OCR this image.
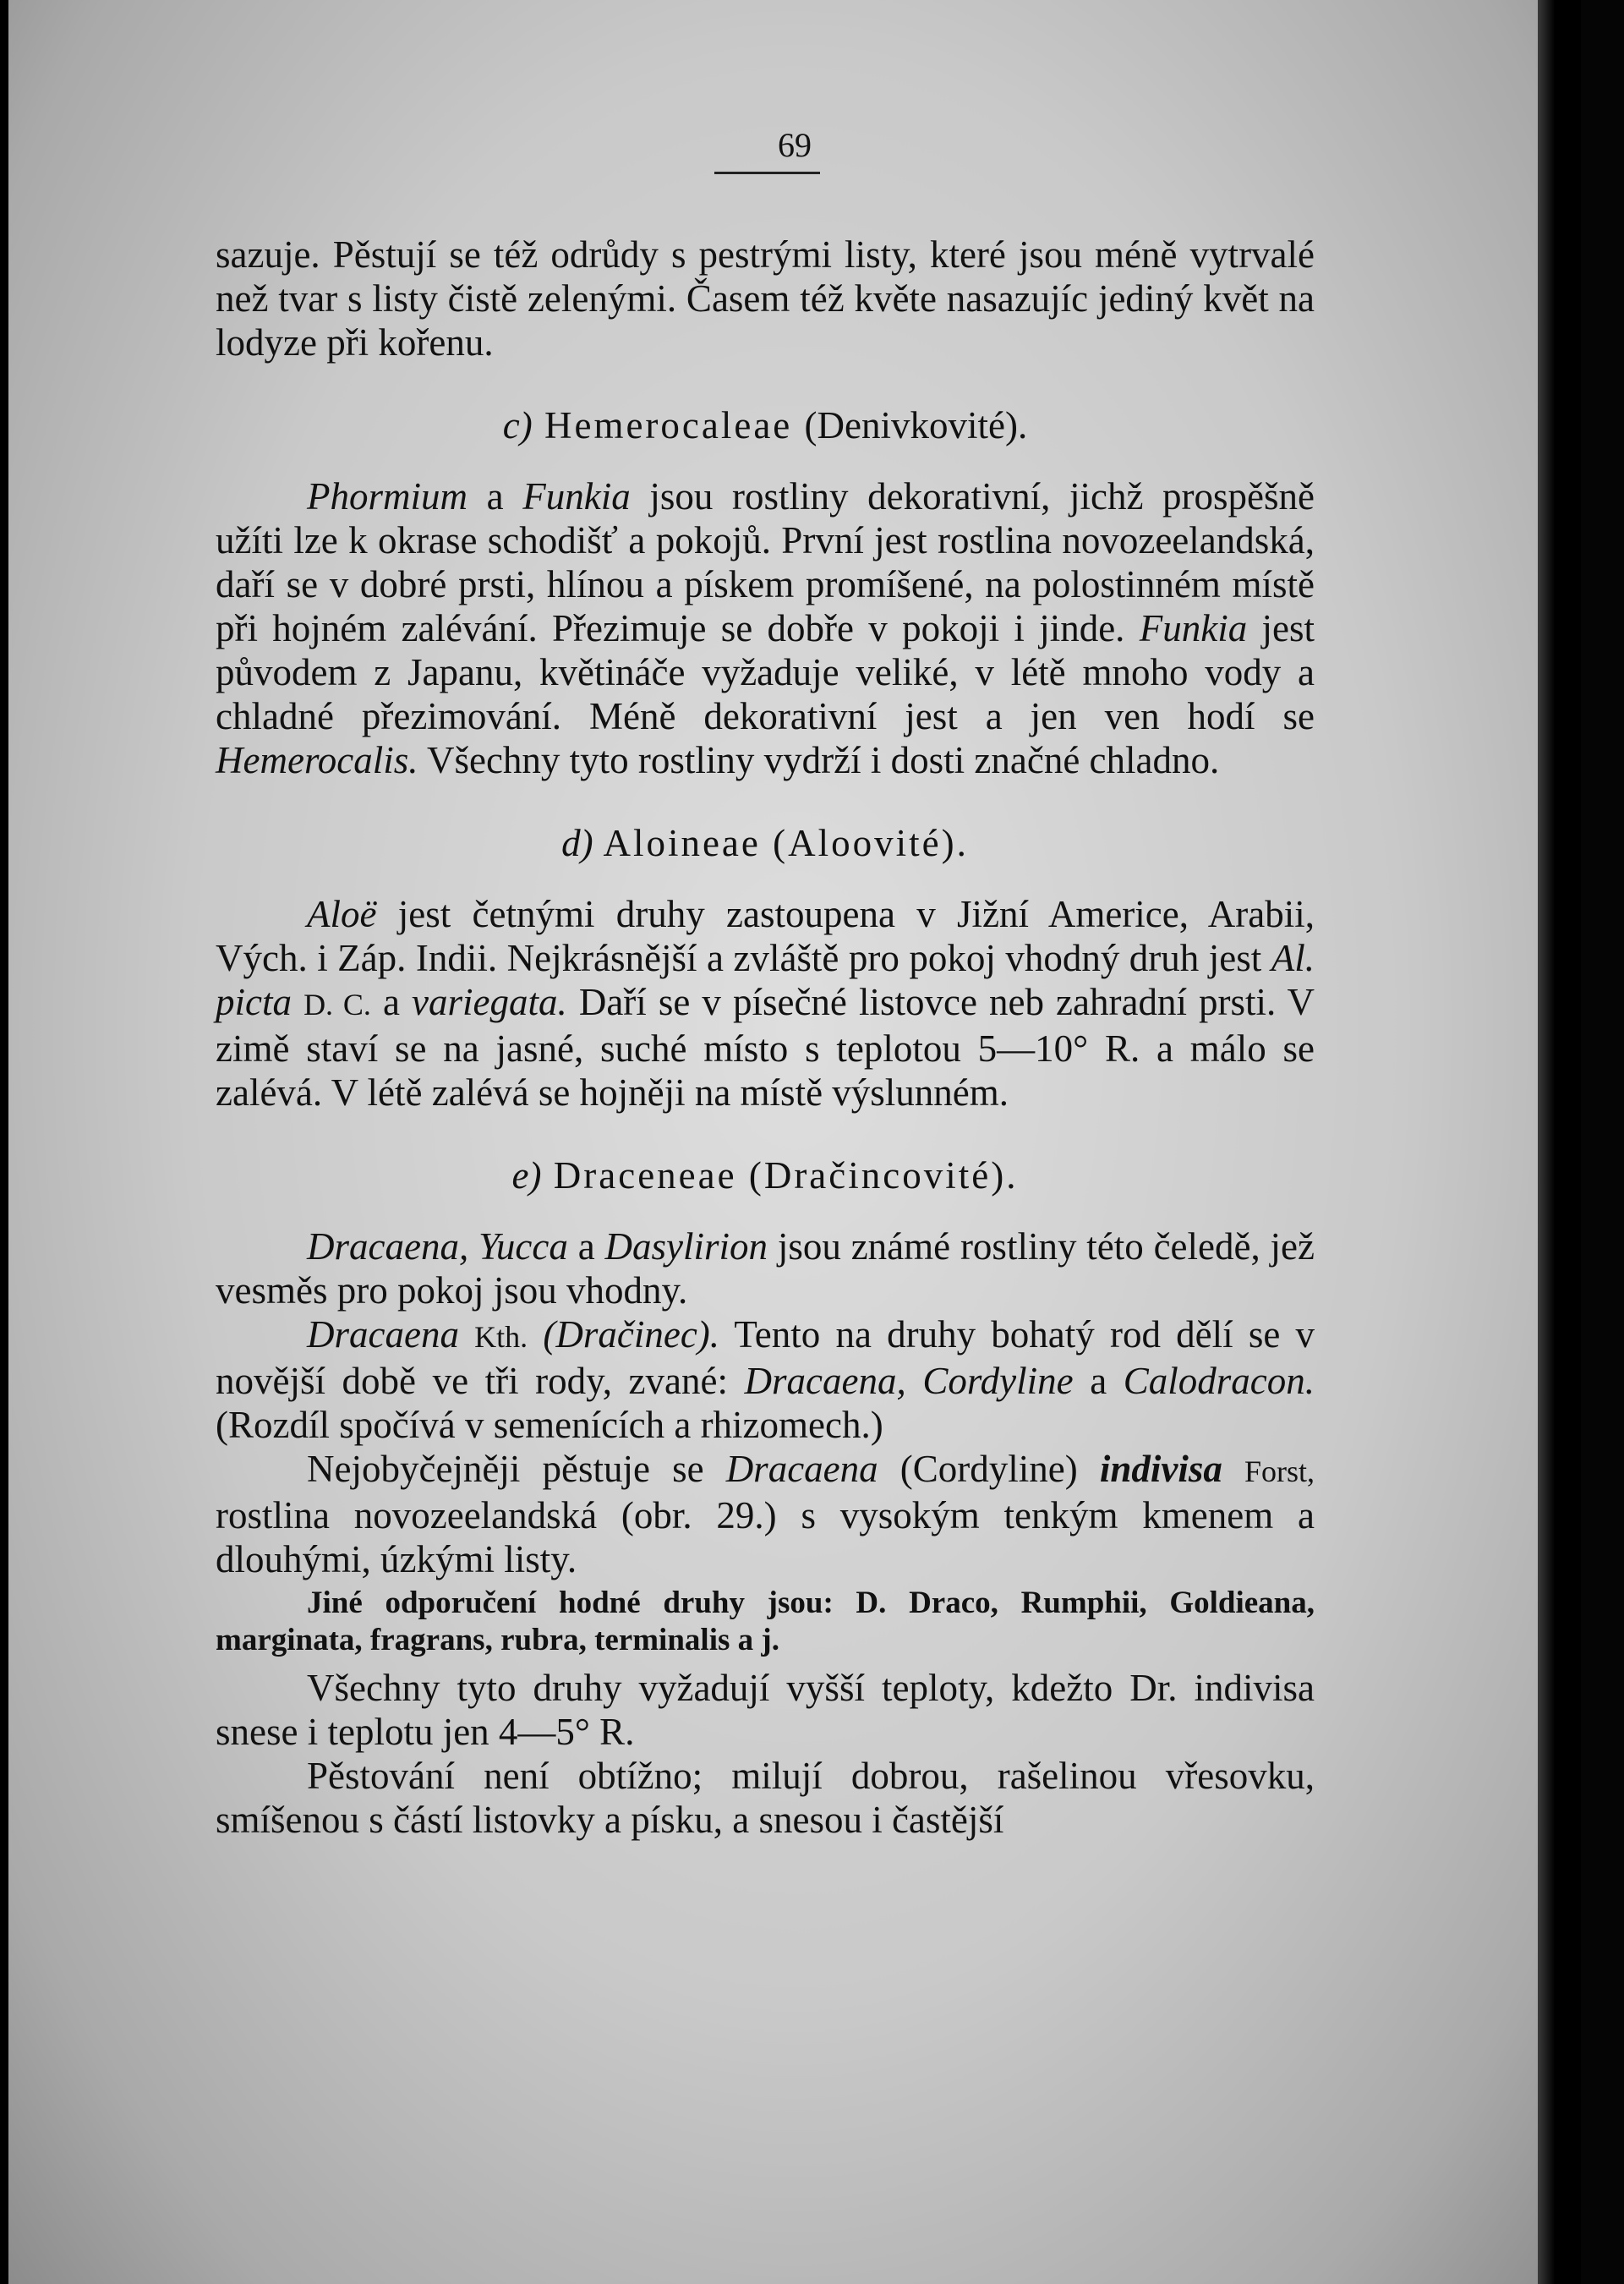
69

sazuje. Pěstují se též odrůdy s pestrými listy, které jsou méně vytrvalé než tvar s listy čistě zelenými. Časem též květe nasazujíc jediný květ na lodyze při kořenu.

c) Hemerocaleae (Denivkovité).

Phormium a Funkia jsou rostliny dekorativní, jichž prospěšně užíti lze k okrase schodišť a pokojů. První jest rostlina novozeelandská, daří se v dobré prsti, hlínou a pískem promíšené, na polostinném místě při hojném zalévání. Přezimuje se dobře v pokoji i jinde. Funkia jest původem z Japanu, květináče vyžaduje veliké, v létě mnoho vody a chladné přezimování. Méně dekorativní jest a jen ven hodí se Hemerocalis. Všechny tyto rostliny vydrží i dosti značné chladno.

d) Aloineae (Aloovité).

Aloë jest četnými druhy zastoupena v Jižní Americe, Arabii, Vých. i Záp. Indii. Nejkrásnější a zvláště pro pokoj vhodný druh jest Al. picta D. C. a variegata. Daří se v písečné listovce neb zahradní prsti. V zimě staví se na jasné, suché místo s teplotou 5—10° R. a málo se zalévá. V létě zalévá se hojněji na místě výslunném.

e) Draceneae (Dračincovité).

Dracaena, Yucca a Dasylirion jsou známé rostliny této čeledě, jež vesměs pro pokoj jsou vhodny.

Dracaena Kth. (Dračinec). Tento na druhy bohatý rod dělí se v novější době ve tři rody, zvané: Dracaena, Cordyline a Calodracon. (Rozdíl spočívá v semenících a rhizomech.)

Nejobyčejněji pěstuje se Dracaena (Cordyline) indivisa Forst, rostlina novozeelandská (obr. 29.) s vysokým tenkým kmenem a dlouhými, úzkými listy.

Jiné odporučení hodné druhy jsou: D. Draco, Rumphii, Goldieana, marginata, fragrans, rubra, terminalis a j.

Všechny tyto druhy vyžadují vyšší teploty, kdežto Dr. indivisa snese i teplotu jen 4—5° R.

Pěstování není obtížno; milují dobrou, rašelinou vřesovku, smíšenou s částí listovky a písku, a snesou i častější
